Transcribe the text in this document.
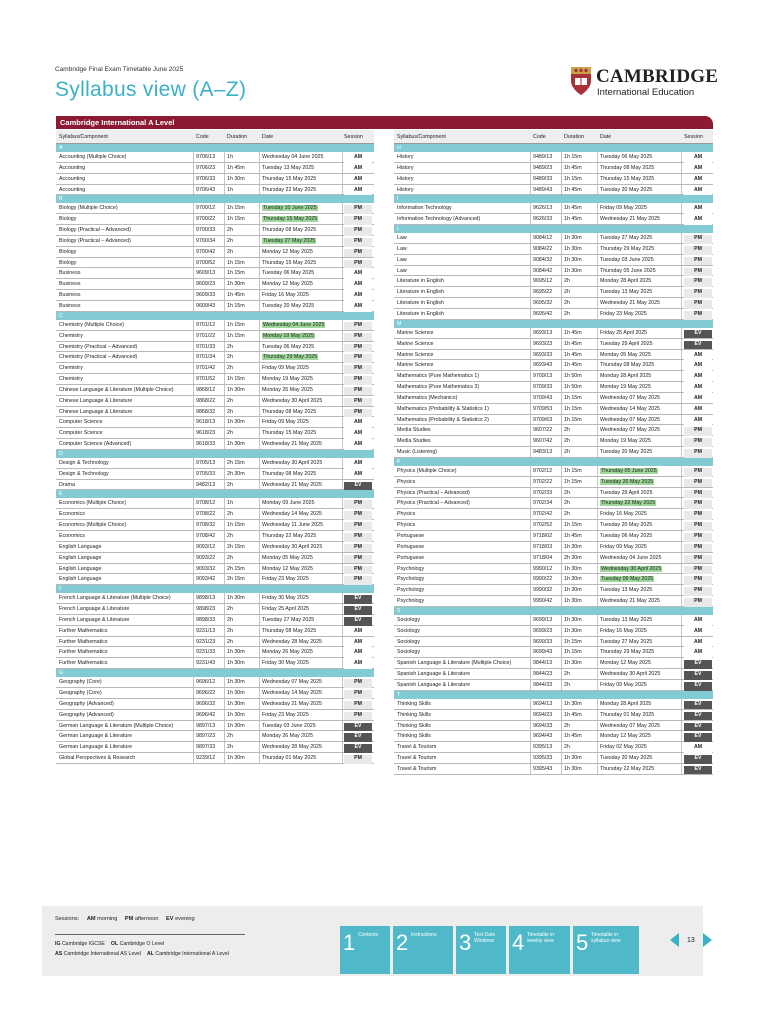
Cambridge Final Exam Timetable June 2025
Syllabus view (A–Z)
CAMBRIDGE
International Education
Cambridge International A Level
Syllabus/Component	Code	Duration	Date	Session
A
Accounting (Multiple Choice)	9706/13 1h	Wednesday 04 June 2025	AM
Accounting	9706/23 1h 45m	Tuesday 13 May 2025	AM
Accounting	9706/33 1h 30m	Thursday 15 May 2025	AM
Accounting	9706/43 1h	Thursday 22 May 2025	AM
B
Biology (Multiple Choice)	9700/12 1h 15m	Tuesday 10 June 2025	PM
Biology	9700/22 1h 15m	Thursday 15 May 2025	PM
Biology (Practical – Advanced)	9700/33 2h	Thursday 08 May 2025	PM
Biology (Practical – Advanced)	9700/34 2h	Tuesday 27 May 2025	PM
Biology	9700/42 2h	Monday 12 May 2025	PM
Biology	9700/52 1h 15m	Thursday 15 May 2025	PM
Business	9609/13 1h 15m	Tuesday 06 May 2025	AM
Business	9609/23 1h 30m	Monday 12 May 2025	AM
Business	9609/33 1h 45m	Friday 16 May 2025	AM
Business	9609/43 1h 15m	Tuesday 20 May 2025	AM
C
Chemistry (Multiple Choice)	9701/12 1h 15m	Wednesday 04 June 2025	PM
Chemistry	9701/22 1h 15m	Monday 19 May 2025	PM
Chemistry (Practical – Advanced)	9701/33 2h	Tuesday 06 May 2025	PM
Chemistry (Practical – Advanced)	9701/34 2h	Thursday 29 May 2025	PM
Chemistry	9701/42 2h	Friday 09 May 2025	PM
Chemistry	9701/52 1h 15m	Monday 19 May 2025	PM
Chinese Language & Literature (Multiple Choice)	9868/12 1h 30m	Monday 26 May 2025	PM
Chinese Language & Literature	9868/22 2h	Wednesday 30 April 2025	PM
Chinese Language & Literature	9868/32 2h	Thursday 08 May 2025	PM
Computer Science	9618/13 1h 30m	Friday 09 May 2025	AM
Computer Science	9618/23 2h	Thursday 15 May 2025	AM
Computer Science (Advanced)	9618/33 1h 30m	Wednesday 21 May 2025	AM
D
Design & Technology	9705/13 2h 15m	Wednesday 30 April 2025	AM
Design & Technology	9705/33 2h 30m	Thursday 08 May 2025	AM
Drama	9482/13 2h	Wednesday 21 May 2025	EV
E
Economics (Multiple Choice)	9708/12 1h	Monday 09 June 2025	PM
Economics	9708/22 2h	Wednesday 14 May 2025	PM
Economics (Multiple Choice)	9708/32 1h 15m	Wednesday 11 June 2025	PM
Economics	9708/42 2h	Thursday 22 May 2025	PM
English Language	9093/12 2h 15m	Wednesday 30 April 2025	PM
English Language	9093/22 2h	Monday 05 May 2025	PM
English Language	9093/32 2h 15m	Monday 12 May 2025	PM
English Language	9093/42 2h 15m	Friday 23 May 2025	PM
F
French Language & Literature (Multiple Choice)	9898/13 1h 30m	Friday 30 May 2025	EV
French Language & Literature	9898/23 2h	Friday 25 April 2025	EV
French Language & Literature	9898/33 2h	Tuesday 27 May 2025	EV
Further Mathematics	9231/13 2h	Thursday 08 May 2025	AM
Further Mathematics	9231/23 2h	Wednesday 28 May 2025	AM
Further Mathematics	9231/33 1h 30m	Monday 26 May 2025	AM
Further Mathematics	9231/43 1h 30m	Friday 30 May 2025	AM
G
Geography (Core)	9696/12 1h 30m	Wednesday 07 May 2025	PM
Geography (Core)	9696/22 1h 30m	Wednesday 14 May 2025	PM
Geography (Advanced)	9696/32 1h 30m	Wednesday 21 May 2025	PM
Geography (Advanced)	9696/42 1h 30m	Friday 23 May 2025	PM
German Language & Literature (Multiple Choice)	9897/13 1h 30m	Tuesday 03 June 2025	EV
German Language & Literature	9897/23 2h	Monday 26 May 2025	EV
German Language & Literature	9897/33 2h	Wednesday 28 May 2025	EV
Global Perspectives & Research	9239/12 1h 30m	Thursday 01 May 2025	PM
Syllabus/Component	Code	Duration	Date	Session
H
History	9489/13 1h 15m	Tuesday 06 May 2025	AM
History	9489/23 1h 45m	Thursday 08 May 2025	AM
History	9489/33 1h 15m	Thursday 15 May 2025	AM
History	9489/43 1h 45m	Tuesday 20 May 2025	AM
I
Information Technology	9626/13 1h 45m	Friday 09 May 2025	AM
Information Technology (Advanced)	9626/33 1h 45m	Wednesday 21 May 2025	AM
L
Law	9084/12 1h 30m	Tuesday 27 May 2025	PM
Law	9084/22 1h 30m	Thursday 29 May 2025	PM
Law	9084/32 1h 30m	Tuesday 03 June 2025	PM
Law	9084/42 1h 30m	Thursday 05 June 2025	PM
Literature in English	9695/12 2h	Monday 28 April 2025	PM
Literature in English	9695/22 2h	Tuesday 13 May 2025	PM
Literature in English	9695/32 2h	Wednesday 21 May 2025	PM
Literature in English	9695/42 2h	Friday 23 May 2025	PM
M
Marine Science	9693/13 1h 45m	Friday 25 April 2025	EV
Marine Science	9693/23 1h 45m	Tuesday 29 April 2025	EV
Marine Science	9693/33 1h 45m	Monday 05 May 2025	AM
Marine Science	9693/43 1h 45m	Thursday 08 May 2025	AM
Mathematics (Pure Mathematics 1)	9709/13 1h 50m	Monday 28 April 2025	AM
Mathematics (Pure Mathematics 3)	9709/33 1h 50m	Monday 19 May 2025	AM
Mathematics (Mechanics)	9709/43 1h 15m	Wednesday 07 May 2025	AM
Mathematics (Probability & Statistics 1)	9709/53 1h 15m	Wednesday 14 May 2025	AM
Mathematics (Probability & Statistics 2)	9709/63 1h 15m	Wednesday 07 May 2025	AM
Media Studies	9607/22 2h	Wednesday 07 May 2025	PM
Media Studies	9607/42 2h	Monday 19 May 2025	PM
Music (Listening)	9483/13 2h	Tuesday 20 May 2025	PM
P
Physics (Multiple Choice)	9702/12 1h 15m	Thursday 05 June 2025	PM
Physics	9702/22 1h 15m	Tuesday 20 May 2025	PM
Physics (Practical – Advanced)	9702/33 2h	Tuesday 29 April 2025	PM
Physics (Practical – Advanced)	9702/34 2h	Thursday 22 May 2025	PM
Physics	9702/42 2h	Friday 16 May 2025	PM
Physics	9702/52 1h 15m	Tuesday 20 May 2025	PM
Portuguese	9718/02 1h 45m	Tuesday 06 May 2025	PM
Portuguese	9718/03 1h 30m	Friday 09 May 2025	PM
Portuguese	9718/04 2h 30m	Wednesday 04 June 2025	PM
Psychology	9990/12 1h 30m	Wednesday 30 April 2025	PM
Psychology	9990/22 1h 30m	Tuesday 06 May 2025	PM
Psychology	9990/32 1h 30m	Tuesday 13 May 2025	PM
Psychology	9990/42 1h 30m	Wednesday 21 May 2025	PM
S
Sociology	9699/13 1h 30m	Tuesday 13 May 2025	AM
Sociology	9699/23 1h 30m	Friday 16 May 2025	AM
Sociology	9699/33 1h 15m	Tuesday 27 May 2025	AM
Sociology	9699/43 1h 15m	Thursday 29 May 2025	AM
Spanish Language & Literature (Multiple Choice)	9844/13 1h 30m	Monday 12 May 2025	EV
Spanish Language & Literature	9844/23 2h	Wednesday 30 April 2025	EV
Spanish Language & Literature	9844/33 2h	Friday 09 May 2025	EV
T
Thinking Skills	9694/13 1h 30m	Monday 28 April 2025	EV
Thinking Skills	9694/23 1h 45m	Thursday 01 May 2025	EV
Thinking Skills	9694/33 2h	Wednesday 07 May 2025	EV
Thinking Skills	9694/43 1h 45m	Monday 12 May 2025	EV
Travel & Tourism	9395/13 2h	Friday 02 May 2025	AM
Travel & Tourism	9395/33 1h 30m	Tuesday 20 May 2025	EV
Travel & Tourism	9395/43 1h 30m	Thursday 22 May 2025	EV
Sessions: AM morning PM afternoon EV evening
IG Cambridge IGCSE OL Cambridge O Level
AS Cambridge International AS Level AL Cambridge International A Level	1 Contents 2 Instructions	3 Test Date Windows 4 Timetable in weekly view	5 Timetable in syllabus view	13
